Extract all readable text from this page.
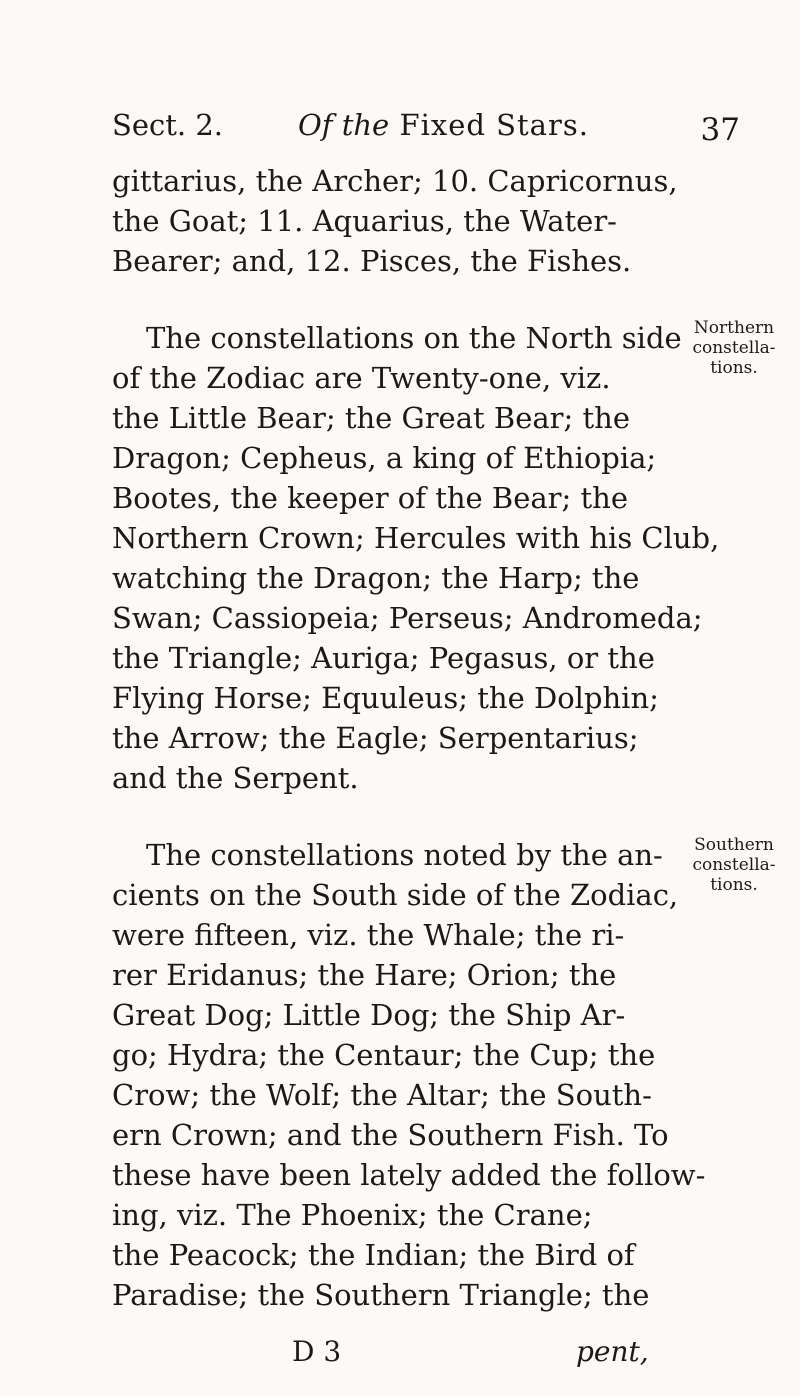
Sect. 2.	Of the Fixed Stars.	37
gittarius, the Archer; 10. Capricornus,
the Goat; 11. Aquarius, the Water-
Bearer; and, 12. Pisces, the Fishes.
The constellations on the North side
of the Zodiac are Twenty-one, viz.
the Little Bear; the Great Bear; the
Dragon; Cepheus, a king of Ethiopia;
Bootes, the keeper of the Bear; the
Northern Crown; Hercules with his Club,
watching the Dragon; the Harp; the
Swan; Cassiopeia; Perseus; Andromeda;
the Triangle; Auriga; Pegasus, or the
Flying Horse; Equuleus; the Dolphin;
the Arrow; the Eagle; Serpentarius;
and the Serpent.
Northern
constella-
tions.
The constellations noted by the an-
cients on the South side of the Zodiac,
were fifteen, viz. the Whale; the ri-
rer Eridanus; the Hare; Orion; the
Great Dog; Little Dog; the Ship Ar-
go; Hydra; the Centaur; the Cup; the
Crow; the Wolf; the Altar; the South-
ern Crown; and the Southern Fish. To
these have been lately added the follow-
ing, viz. The Phoenix; the Crane;
the Peacock; the Indian; the Bird of
Paradise; the Southern Triangle; the
Southern
constella-
tions.
D 3	pent,
